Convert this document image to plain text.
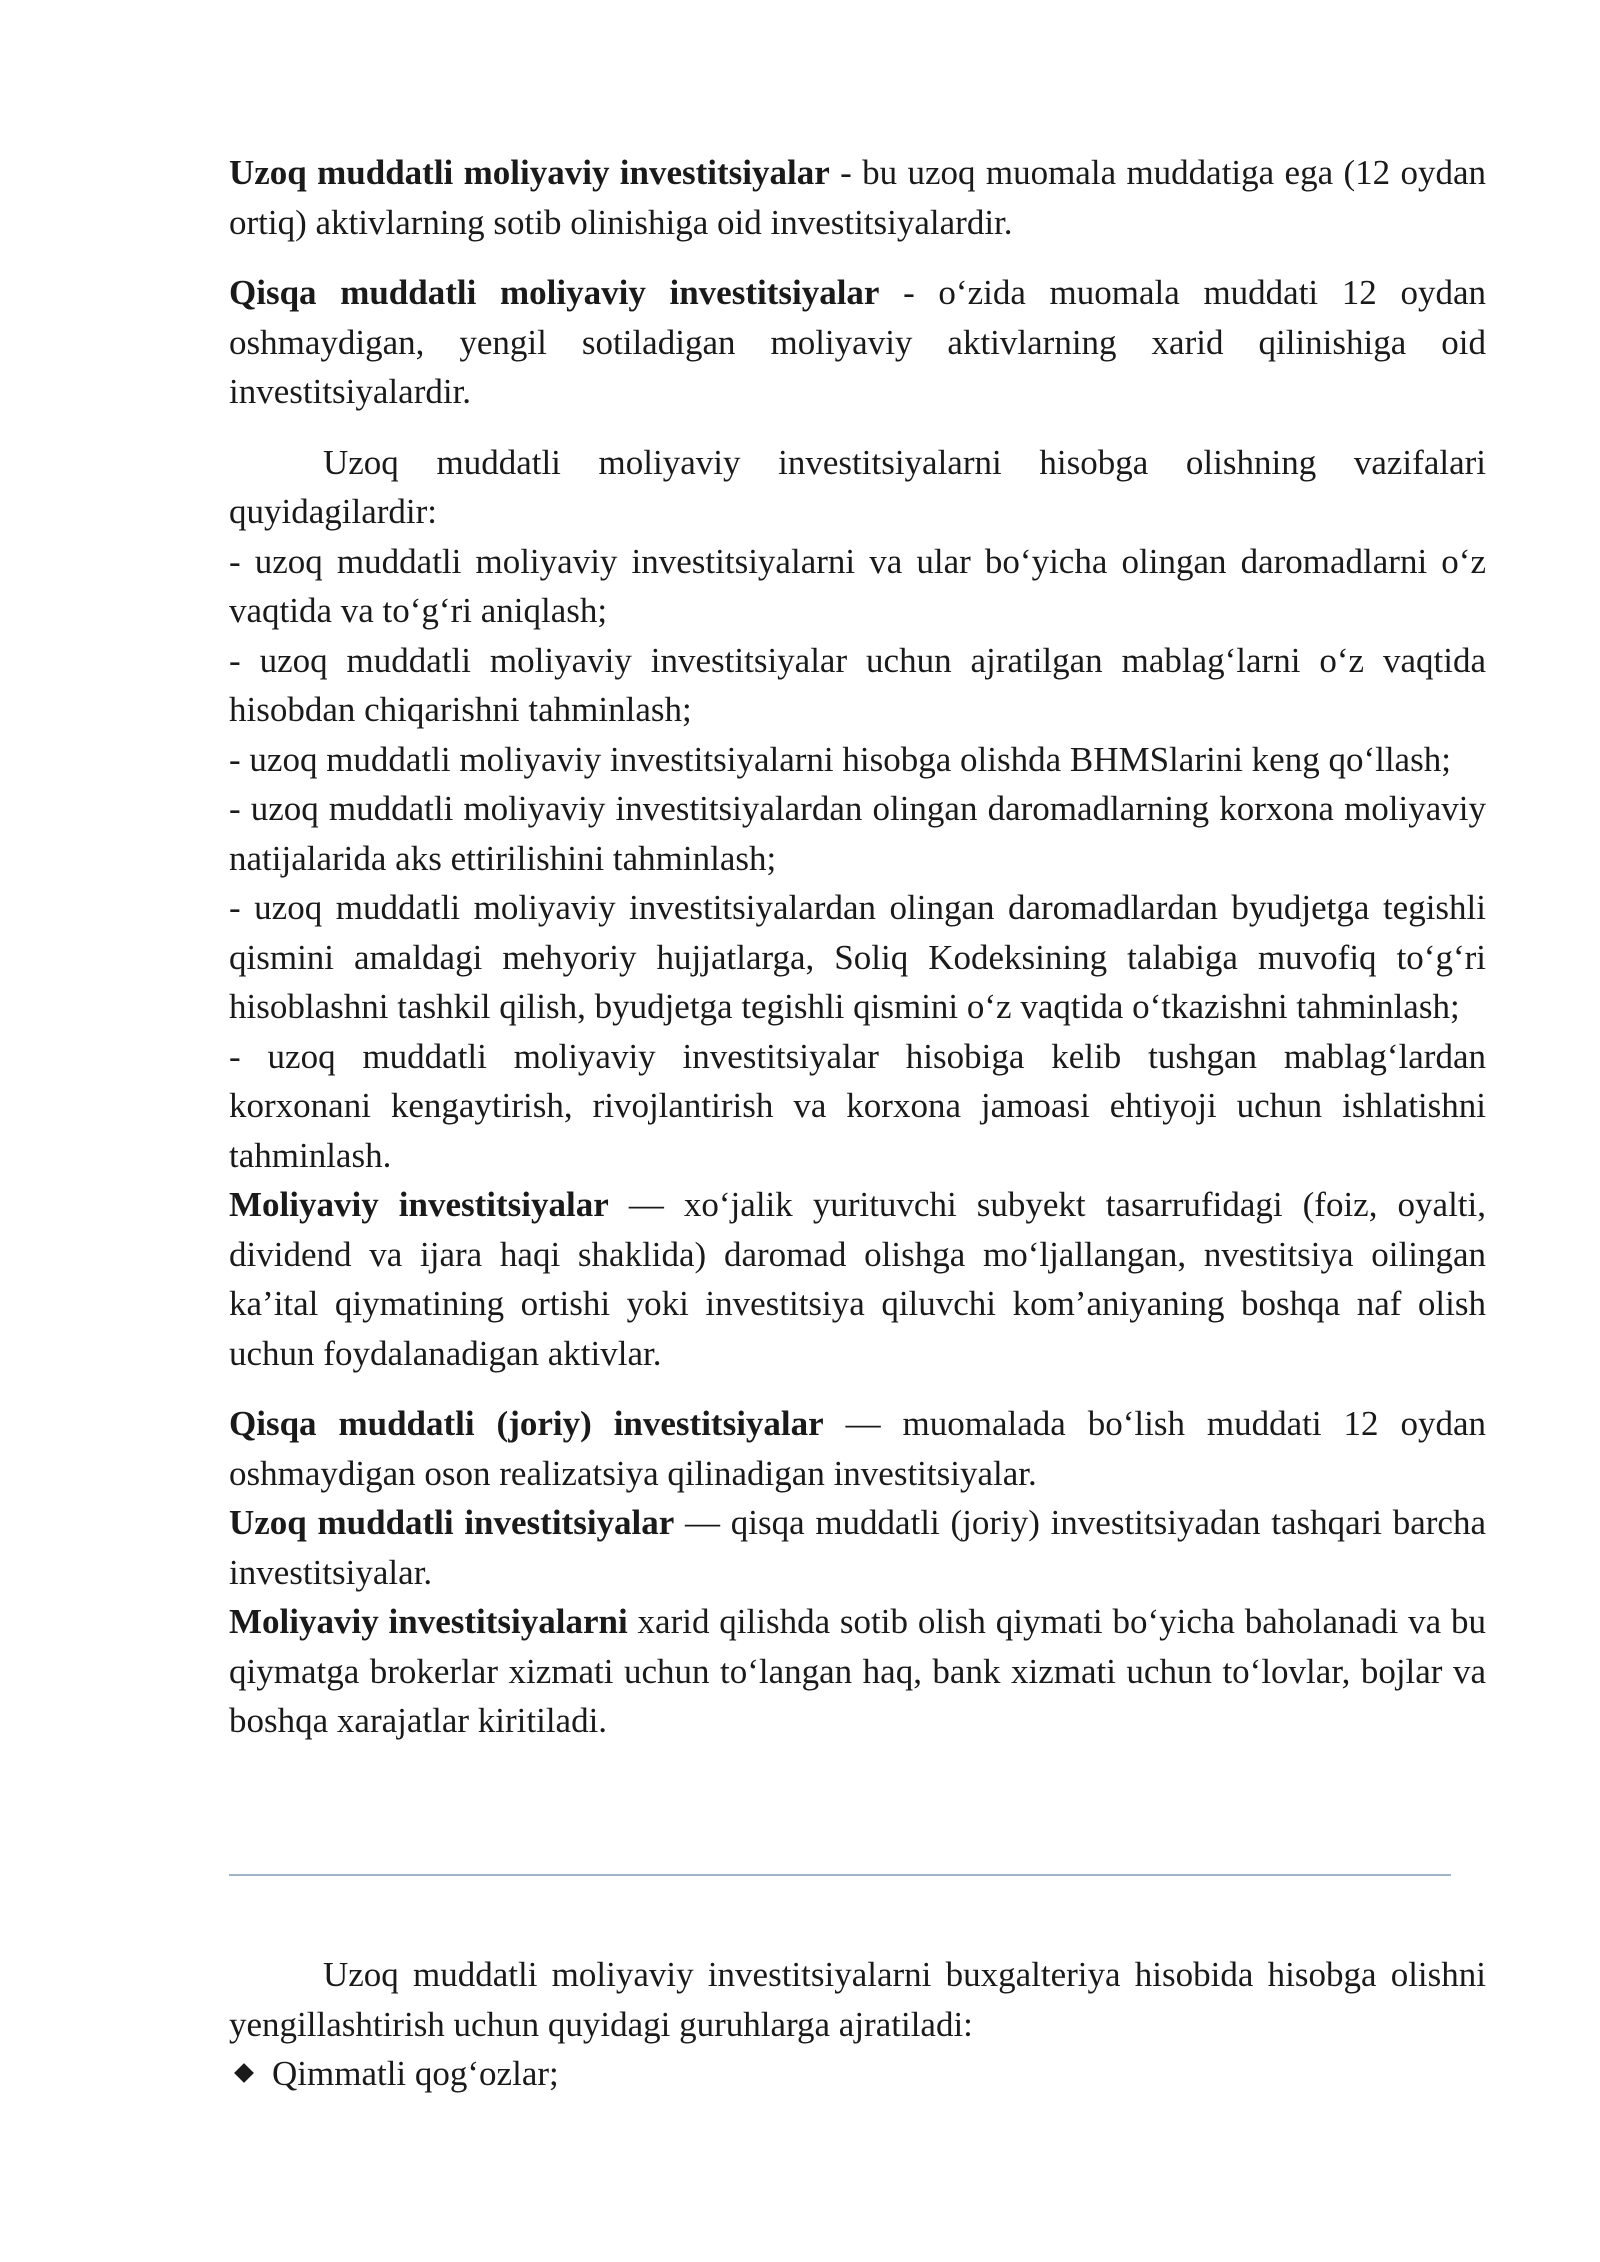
Uzoq muddatli moliyaviy investitsiyalar - bu uzoq muomala muddatiga ega (12 oydan ortiq) aktivlarning sotib olinishiga oid investitsiyalardir.

Qisqa muddatli moliyaviy investitsiyalar - o‘zida muomala muddati 12 oydan oshmaydigan, yengil sotiladigan moliyaviy aktivlarning xarid qilinishiga oid investitsiyalardir.

Uzoq muddatli moliyaviy investitsiyalarni hisobga olishning vazifalari quyidagilardir:

- uzoq muddatli moliyaviy investitsiyalarni va ular bo‘yicha olingan daromadlarni o‘z vaqtida va to‘g‘ri aniqlash;

- uzoq muddatli moliyaviy investitsiyalar uchun ajratilgan mablag‘larni o‘z vaqtida hisobdan chiqarishni tahminlash;

- uzoq muddatli moliyaviy investitsiyalarni hisobga olishda BHMSlarini keng qo‘llash;

- uzoq muddatli moliyaviy investitsiyalardan olingan daromadlarning korxona moliyaviy natijalarida aks ettirilishini tahminlash;

- uzoq muddatli moliyaviy investitsiyalardan olingan daromadlardan byudjetga tegishli qismini amaldagi mehyoriy hujjatlarga, Soliq Kodeksining talabiga muvofiq to‘g‘ri hisoblashni tashkil qilish, byudjetga tegishli qismini o‘z vaqtida o‘tkazishni tahminlash;

- uzoq muddatli moliyaviy investitsiyalar hisobiga kelib tushgan mablag‘lardan korxonani kengaytirish, rivojlantirish va korxona jamoasi ehtiyoji uchun ishlatishni tahminlash.

Moliyaviy investitsiyalar — xo‘jalik yurituvchi subyekt tasarrufidagi (foiz, oyalti, dividend va ijara haqi shaklida) daromad olishga mo‘ljallangan, nvestitsiya oilingan ka’ital qiymatining ortishi yoki investitsiya qiluvchi kom’aniyaning boshqa naf olish uchun foydalanadigan aktivlar.

Qisqa muddatli (joriy) investitsiyalar — muomalada bo‘lish muddati 12 oydan oshmaydigan oson realizatsiya qilinadigan investitsiyalar.

Uzoq muddatli investitsiyalar — qisqa muddatli (joriy) investitsiyadan tashqari barcha investitsiyalar.

Moliyaviy investitsiyalarni xarid qilishda sotib olish qiymati bo‘yicha baholanadi va bu qiymatga brokerlar xizmati uchun to‘langan haq, bank xizmati uchun to‘lovlar, bojlar va boshqa xarajatlar kiritiladi.

Uzoq muddatli moliyaviy investitsiyalarni buxgalteriya hisobida hisobga olishni yengillashtirish uchun quyidagi guruhlarga ajratiladi:

Qimmatli qog‘ozlar;
